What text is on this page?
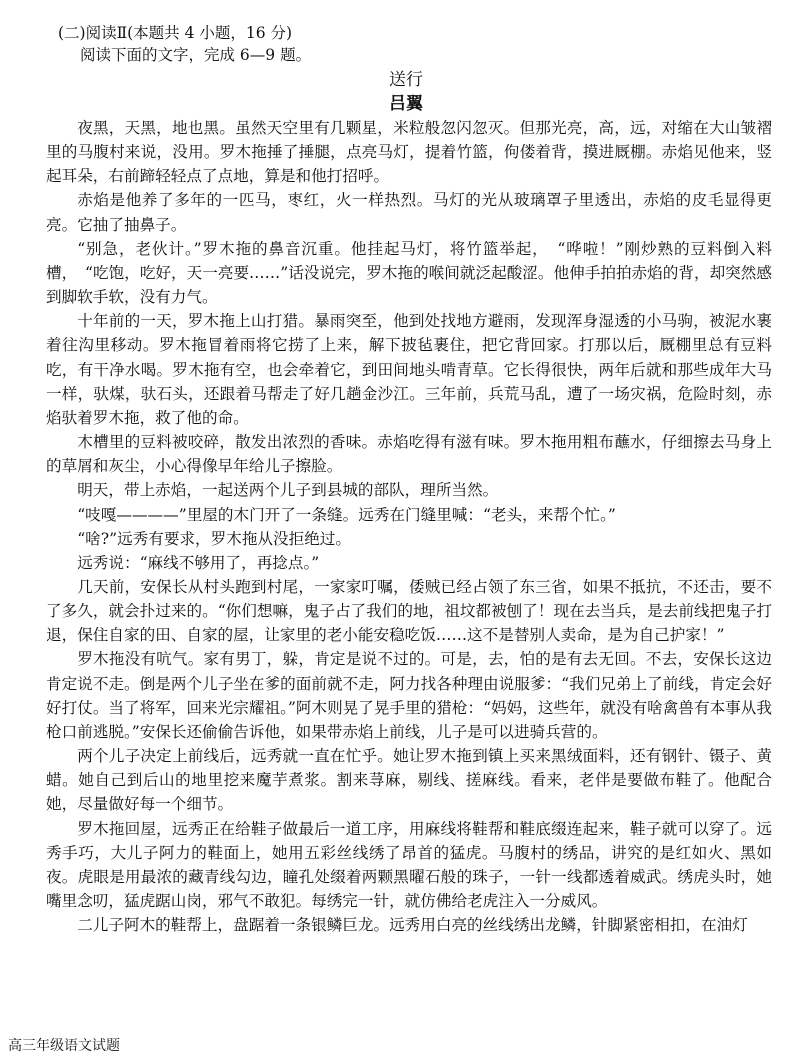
(二)阅读Ⅱ(本题共 4 小题，16 分)
阅读下面的文字，完成 6—9 题。
送行
吕翼

夜黑，天黑，地也黑。虽然天空里有几颗星，米粒般忽闪忽灭。但那光亮，高，远，对缩在大山皱褶里的马腹村来说，没用。罗木拖捶了捶腿，点亮马灯，提着竹篮，佝偻着背，摸进厩棚。赤焰见他来，竖起耳朵，右前蹄轻轻点了点地，算是和他打招呼。

赤焰是他养了多年的一匹马，枣红，火一样热烈。马灯的光从玻璃罩子里透出，赤焰的皮毛显得更亮。它抽了抽鼻子。

“别急，老伙计。”罗木拖的鼻音沉重。他挂起马灯，将竹篮举起，　“哗啦！”刚炒熟的豆料倒入料槽，　“吃饱，吃好，天一亮要……”话没说完，罗木拖的喉间就泛起酸涩。他伸手拍拍赤焰的背，却突然感到脚软手软，没有力气。

十年前的一天，罗木拖上山打猎。暴雨突至，他到处找地方避雨，发现浑身湿透的小马驹，被泥水裹着往沟里移动。罗木拖冒着雨将它捞了上来，解下披毡裹住，把它背回家。打那以后，厩棚里总有豆料吃，有干净水喝。罗木拖有空，也会牵着它，到田间地头啃青草。它长得很快，两年后就和那些成年大马一样，驮煤，驮石头，还跟着马帮走了好几趟金沙江。三年前，兵荒马乱，遭了一场灾祸，危险时刻，赤焰驮着罗木拖，救了他的命。

木槽里的豆料被咬碎，散发出浓烈的香味。赤焰吃得有滋有味。罗木拖用粗布蘸水，仔细擦去马身上的草屑和灰尘，小心得像早年给儿子擦脸。

明天，带上赤焰，一起送两个儿子到县城的部队，理所当然。

“吱嘎————”里屋的木门开了一条缝。远秀在门缝里喊：“老头，来帮个忙。”

“啥?”远秀有要求，罗木拖从没拒绝过。

远秀说：“麻线不够用了，再捻点。”

几天前，安保长从村头跑到村尾，一家家叮嘱，倭贼已经占领了东三省，如果不抵抗，不还击，要不了多久，就会扑过来的。“你们想嘛，鬼子占了我们的地，祖坟都被刨了！现在去当兵，是去前线把鬼子打退，保住自家的田、自家的屋，让家里的老小能安稳吃饭……这不是替别人卖命，是为自己护家！”

罗木拖没有吭气。家有男丁，躲，肯定是说不过的。可是，去，怕的是有去无回。不去，安保长这边肯定说不走。倒是两个儿子坐在爹的面前就不走，阿力找各种理由说服爹：“我们兄弟上了前线，肯定会好好打仗。当了将军，回来光宗耀祖。”阿木则晃了晃手里的猎枪：“妈妈，这些年，就没有啥禽兽有本事从我枪口前逃脱。”安保长还偷偷告诉他，如果带赤焰上前线，儿子是可以进骑兵营的。

两个儿子决定上前线后，远秀就一直在忙乎。她让罗木拖到镇上买来黑绒面料，还有钢针、镊子、黄蜡。她自己到后山的地里挖来魔芋煮浆。割来荨麻，剔线、搓麻线。看来，老伴是要做布鞋了。他配合她，尽量做好每一个细节。

罗木拖回屋，远秀正在给鞋子做最后一道工序，用麻线将鞋帮和鞋底缀连起来，鞋子就可以穿了。远秀手巧，大儿子阿力的鞋面上，她用五彩丝线绣了昂首的猛虎。马腹村的绣品，讲究的是红如火、黑如夜。虎眼是用最浓的藏青线勾边，瞳孔处缀着两颗黑曜石般的珠子，一针一线都透着威武。绣虎头时，她嘴里念叨，猛虎踞山岗，邪气不敢犯。每绣完一针，就仿佛给老虎注入一分威风。

二儿子阿木的鞋帮上，盘踞着一条银鳞巨龙。远秀用白亮的丝线绣出龙鳞，针脚紧密相扣，在油灯

高三年级语文试题
